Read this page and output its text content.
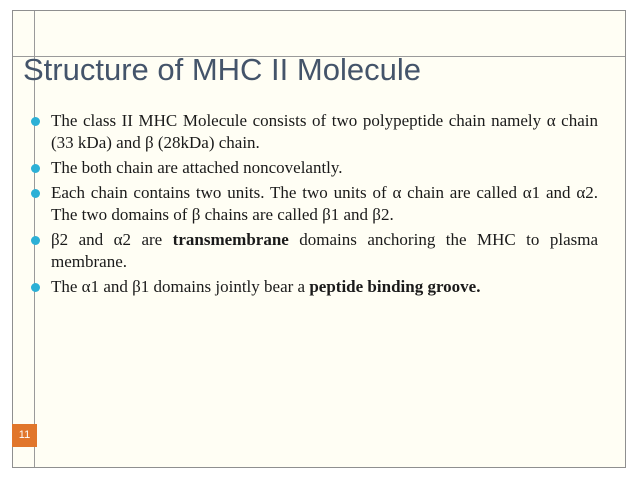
Structure of MHC II Molecule
The class II MHC Molecule consists of two polypeptide chain namely α chain (33 kDa) and β (28kDa) chain.
The both chain are attached noncovelantly.
Each chain contains two units. The two units of α chain are called α1 and α2. The two domains of β chains are called β1 and β2.
β2 and α2 are transmembrane domains anchoring the MHC to plasma membrane.
The α1 and β1 domains jointly bear a peptide binding groove.
11
